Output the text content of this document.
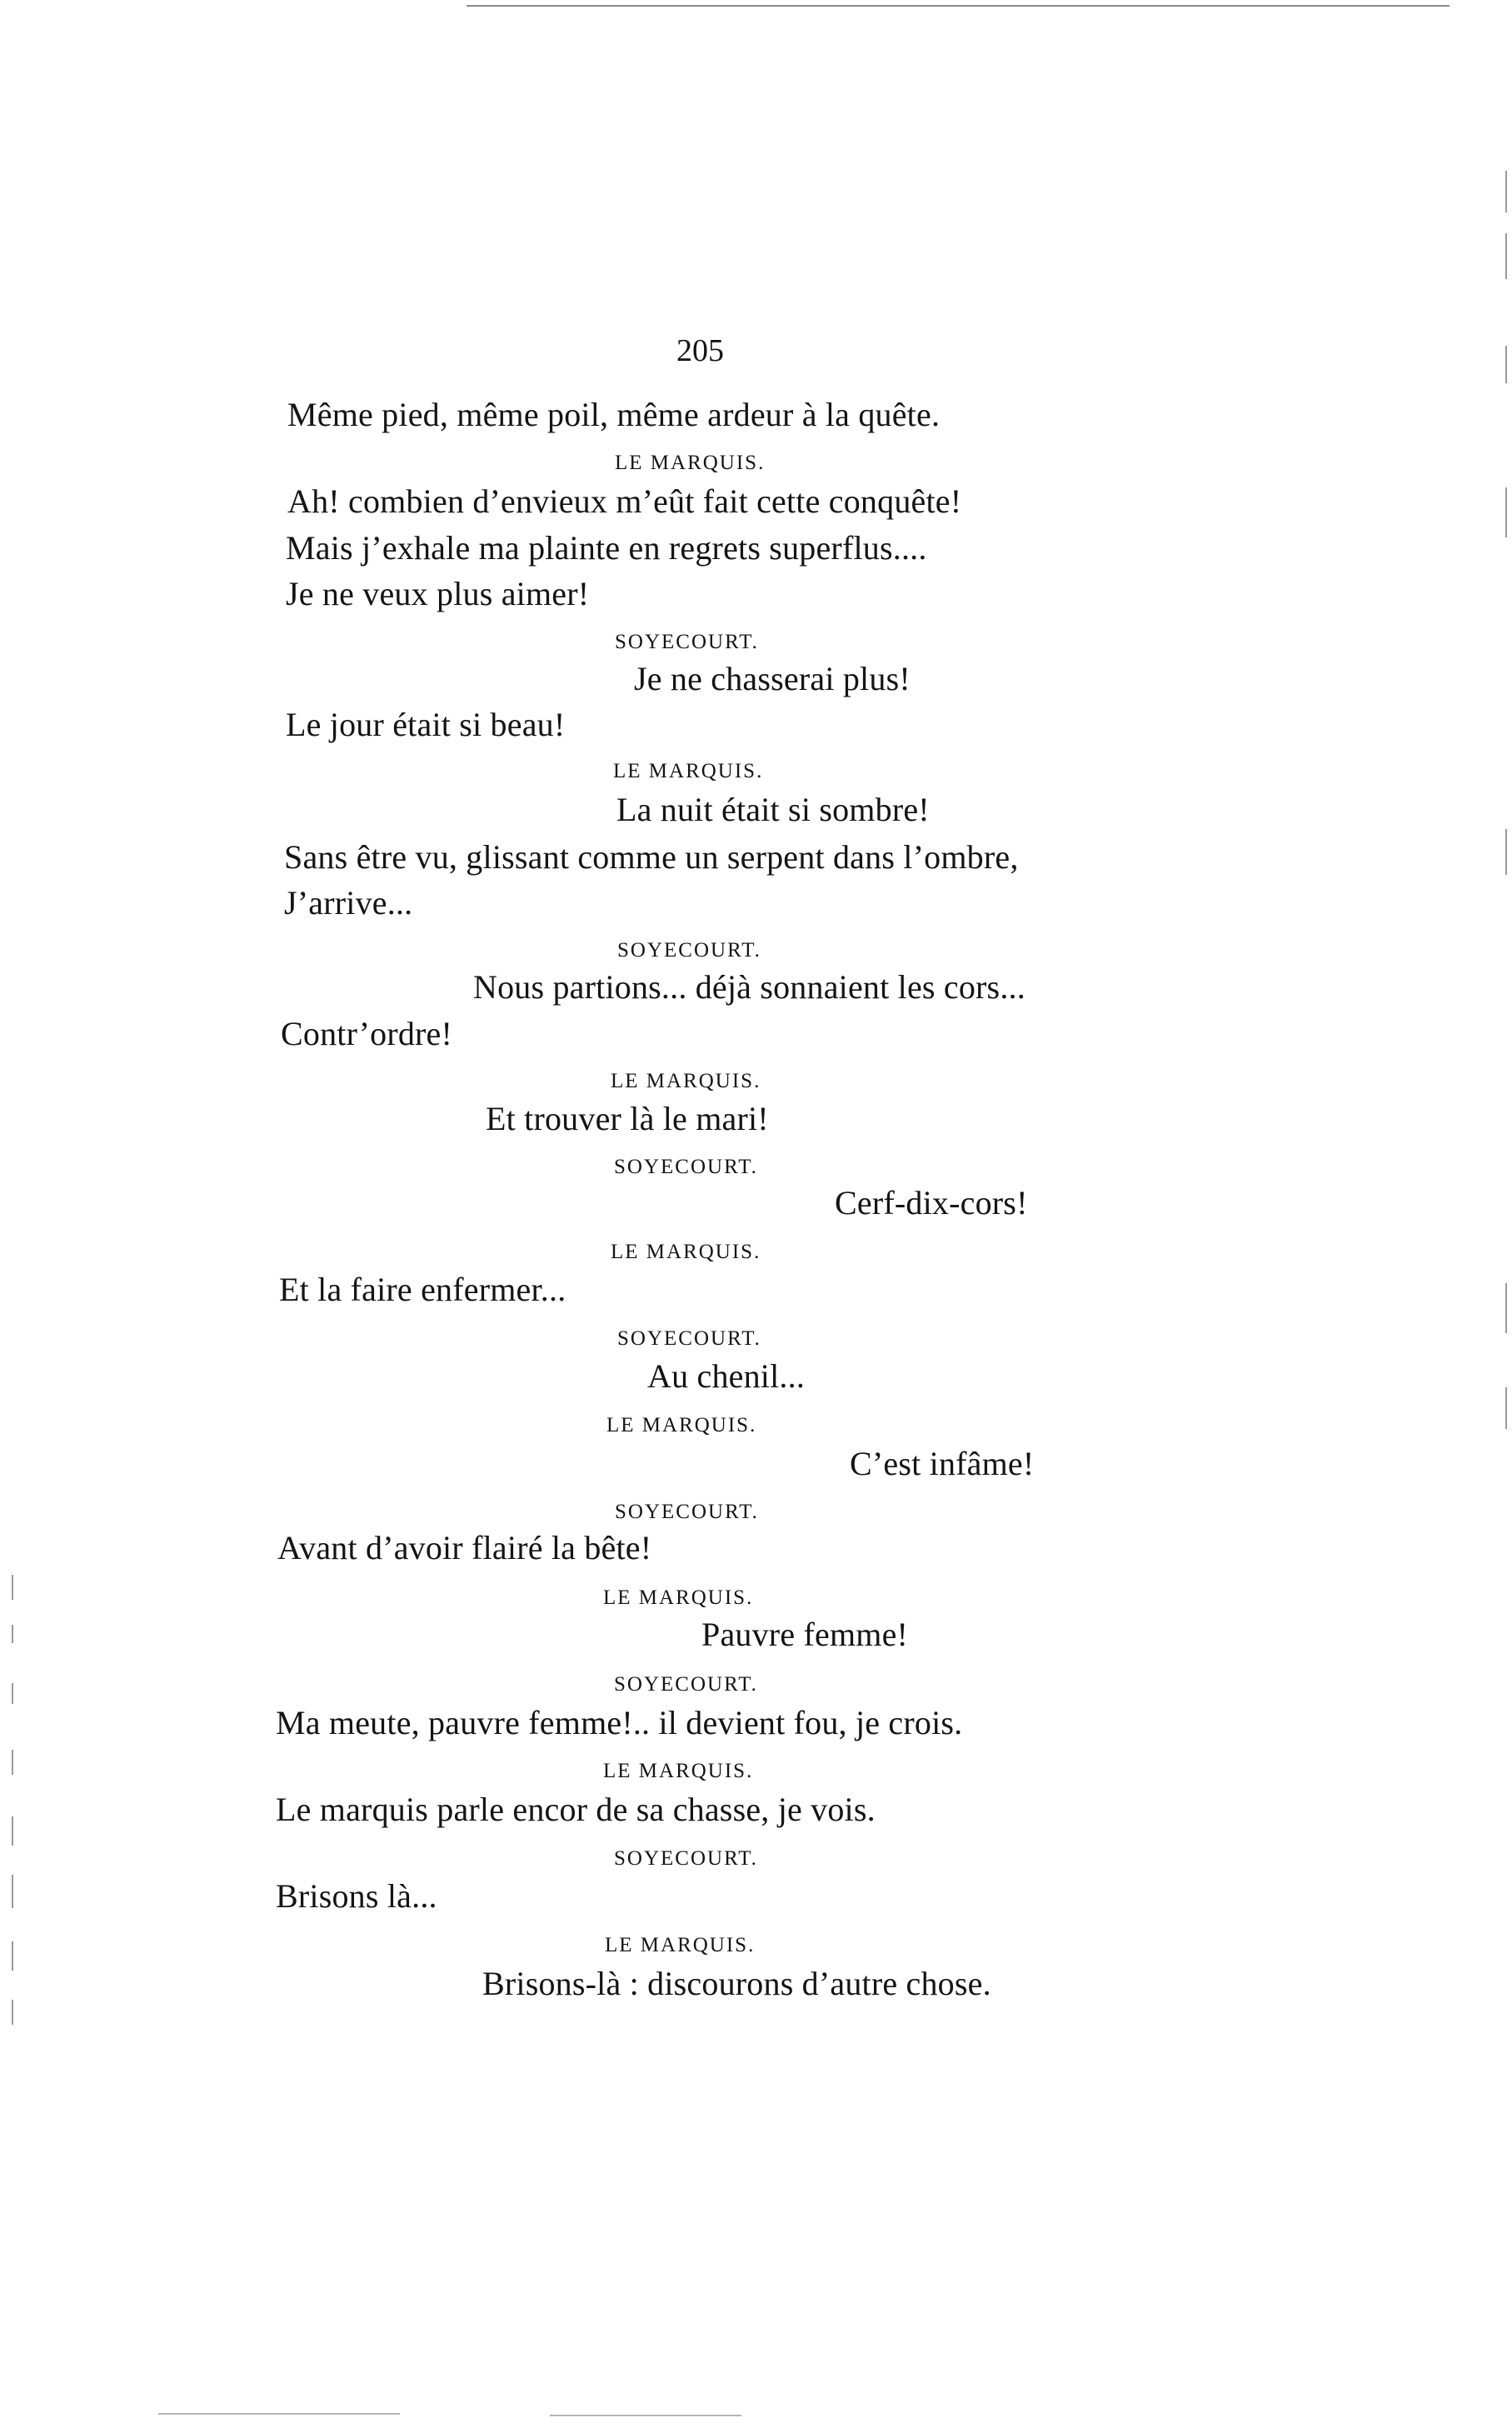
205
Même pied, même poil, même ardeur à la quête.
LE MARQUIS.
Ah! combien d’envieux m’eût fait cette conquête!
Mais j’exhale ma plainte en regrets superflus....
Je ne veux plus aimer!
SOYECOURT.
Je ne chasserai plus!
Le jour était si beau!
LE MARQUIS.
La nuit était si sombre!
Sans être vu, glissant comme un serpent dans l’ombre,
J’arrive...
SOYECOURT.
Nous partions... déjà sonnaient les cors...
Contr’ordre!
LE MARQUIS.
Et trouver là le mari!
SOYECOURT.
Cerf-dix-cors!
LE MARQUIS.
Et la faire enfermer...
SOYECOURT.
Au chenil...
LE MARQUIS.
C’est infâme!
SOYECOURT.
Avant d’avoir flairé la bête!
LE MARQUIS.
Pauvre femme!
SOYECOURT.
Ma meute, pauvre femme!.. il devient fou, je crois.
LE MARQUIS.
Le marquis parle encor de sa chasse, je vois.
SOYECOURT.
Brisons là...
LE MARQUIS.
Brisons-là : discourons d’autre chose.
